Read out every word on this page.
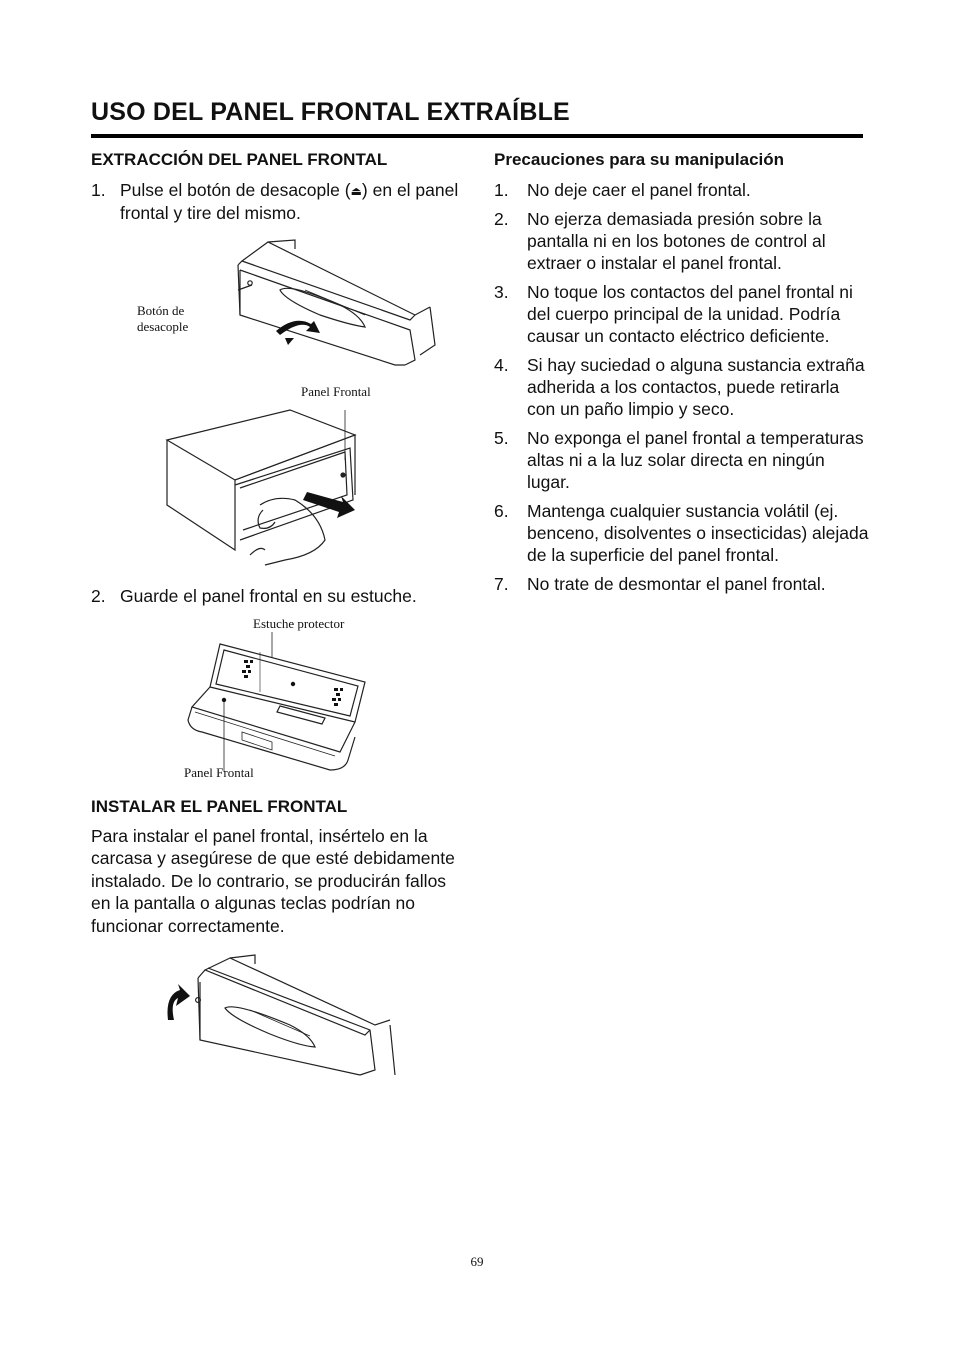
USO DEL PANEL FRONTAL EXTRAÍBLE
EXTRACCIÓN DEL PANEL FRONTAL
1. Pulse el botón de desacople (⏏) en el panel frontal y tire del mismo.
Botón de desacople
Panel Frontal
2. Guarde el panel frontal en su estuche.
Estuche protector
Panel Frontal
INSTALAR EL PANEL FRONTAL

Para instalar el panel frontal, insértelo en la carcasa y asegúrese de que esté debidamente instalado. De lo contrario, se producirán fallos en la pantalla o algunas teclas podrían no funcionar correctamente.

Precauciones para su manipulación
1. No deje caer el panel frontal.
2. No ejerza demasiada presión sobre la pantalla ni en los botones de control al extraer o instalar el panel frontal.
3. No toque los contactos del panel frontal ni del cuerpo principal de la unidad. Podría causar un contacto eléctrico deficiente.
4. Si hay suciedad o alguna sustancia extraña adherida a los contactos, puede retirarla con un paño limpio y seco.
5. No exponga el panel frontal a temperaturas altas ni a la luz solar directa en ningún lugar.
6. Mantenga cualquier sustancia volátil (ej. benceno, disolventes o insecticidas) alejada de la superficie del panel frontal.
7. No trate de desmontar el panel frontal.
69
